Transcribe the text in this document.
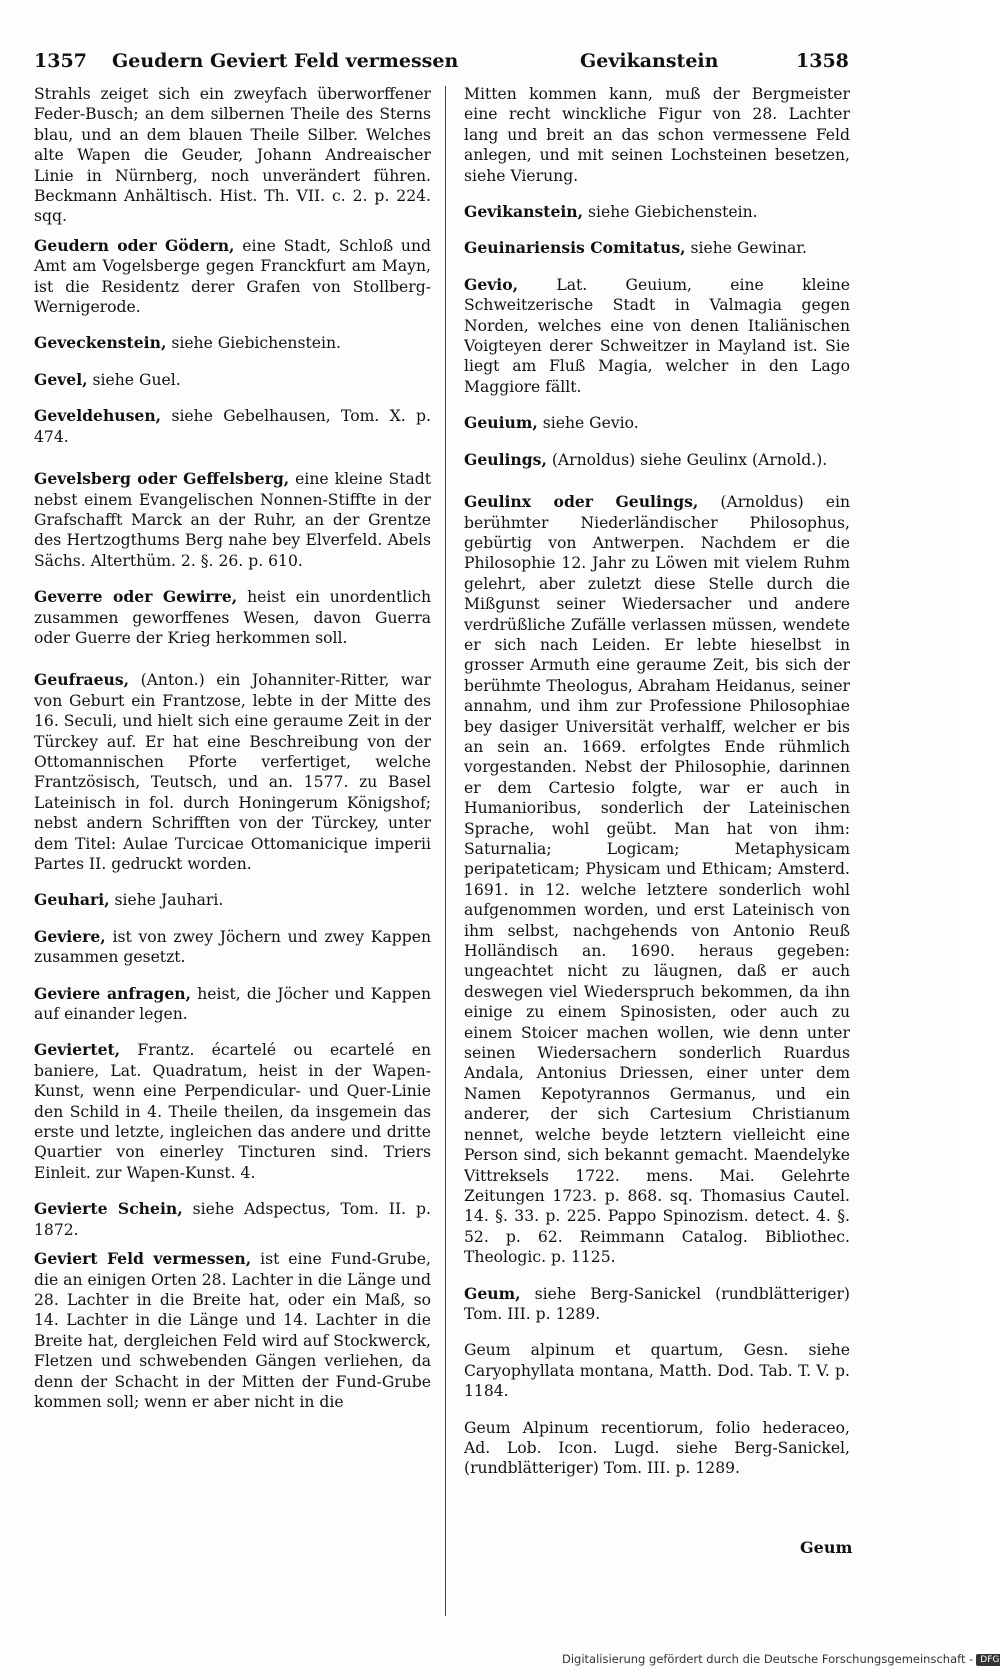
1357 Geudern Geviert Feld vermessen	Gevikanstein	1358

Strahls zeiget sich ein zweyfach überworffener Feder-Busch; an dem silbernen Theile des Sterns blau, und an dem blauen Theile Silber. Welches alte Wapen die Geuder, Johann Andreaischer Linie in Nürnberg, noch unverändert führen. Beckmann Anhältisch. Hist. Th. VII. c. 2. p. 224. sqq.

Geudern oder Gödern, eine Stadt, Schloß und Amt am Vogelsberge gegen Franckfurt am Mayn, ist die Residentz derer Grafen von Stollberg-Wernigerode.

Geveckenstein, siehe Giebichenstein.

Gevel, siehe Guel.

Geveldehusen, siehe Gebelhausen, Tom. X. p. 474.

Gevelsberg oder Geffelsberg, eine kleine Stadt nebst einem Evangelischen Nonnen-Stiffte in der Grafschafft Marck an der Ruhr, an der Grentze des Hertzogthums Berg nahe bey Elverfeld. Abels Sächs. Alterthüm. 2. §. 26. p. 610.

Geverre oder Gewirre, heist ein unordentlich zusammen geworffenes Wesen, davon Guerra oder Guerre der Krieg herkommen soll.

Geufraeus, (Anton.) ein Johanniter-Ritter, war von Geburt ein Frantzose, lebte in der Mitte des 16. Seculi, und hielt sich eine geraume Zeit in der Türckey auf. Er hat eine Beschreibung von der Ottomannischen Pforte verfertiget, welche Frantzösisch, Teutsch, und an. 1577. zu Basel Lateinisch in fol. durch Honingerum Königshof; nebst andern Schrifften von der Türckey, unter dem Titel: Aulae Turcicae Ottomanicique imperii Partes II. gedruckt worden.

Geuhari, siehe Jauhari.

Geviere, ist von zwey Jöchern und zwey Kappen zusammen gesetzt.

Geviere anfragen, heist, die Jöcher und Kappen auf einander legen.

Geviertet, Frantz. écartelé ou ecartelé en baniere, Lat. Quadratum, heist in der Wapen-Kunst, wenn eine Perpendicular- und Quer-Linie den Schild in 4. Theile theilen, da insgemein das erste und letzte, ingleichen das andere und dritte Quartier von einerley Tincturen sind. Triers Einleit. zur Wapen-Kunst. 4.

Gevierte Schein, siehe Adspectus, Tom. II. p. 1872.

Geviert Feld vermessen, ist eine Fund-Grube, die an einigen Orten 28. Lachter in die Länge und 28. Lachter in die Breite hat, oder ein Maß, so 14. Lachter in die Länge und 14. Lachter in die Breite hat, dergleichen Feld wird auf Stockwerck, Fletzen und schwebenden Gängen verliehen, da denn der Schacht in der Mitten der Fund-Grube kommen soll; wenn er aber nicht in die

Mitten kommen kann, muß der Bergmeister eine recht winckliche Figur von 28. Lachter lang und breit an das schon vermessene Feld anlegen, und mit seinen Lochsteinen besetzen, siehe Vierung.

Gevikanstein, siehe Giebichenstein.

Geuinariensis Comitatus, siehe Gewinar.

Gevio, Lat. Geuium, eine kleine Schweitzerische Stadt in Valmagia gegen Norden, welches eine von denen Italiänischen Voigteyen derer Schweitzer in Mayland ist. Sie liegt am Fluß Magia, welcher in den Lago Maggiore fällt.

Geuium, siehe Gevio.

Geulings, (Arnoldus) siehe Geulinx (Arnold.).

Geulinx oder Geulings, (Arnoldus) ein berühmter Niederländischer Philosophus, gebürtig von Antwerpen. Nachdem er die Philosophie 12. Jahr zu Löwen mit vielem Ruhm gelehrt, aber zuletzt diese Stelle durch die Mißgunst seiner Wiedersacher und andere verdrüßliche Zufälle verlassen müssen, wendete er sich nach Leiden. Er lebte hieselbst in grosser Armuth eine geraume Zeit, bis sich der berühmte Theologus, Abraham Heidanus, seiner annahm, und ihm zur Professione Philosophiae bey dasiger Universität verhalff, welcher er bis an sein an. 1669. erfolgtes Ende rühmlich vorgestanden. Nebst der Philosophie, darinnen er dem Cartesio folgte, war er auch in Humanioribus, sonderlich der Lateinischen Sprache, wohl geübt. Man hat von ihm: Saturnalia; Logicam; Metaphysicam peripateticam; Physicam und Ethicam; Amsterd. 1691. in 12. welche letztere sonderlich wohl aufgenommen worden, und erst Lateinisch von ihm selbst, nachgehends von Antonio Reuß Holländisch an. 1690. heraus gegeben: ungeachtet nicht zu läugnen, daß er auch deswegen viel Wiederspruch bekommen, da ihn einige zu einem Spinosisten, oder auch zu einem Stoicer machen wollen, wie denn unter seinen Wiedersachern sonderlich Ruardus Andala, Antonius Driessen, einer unter dem Namen Kepotyrannos Germanus, und ein anderer, der sich Cartesium Christianum nennet, welche beyde letztern vielleicht eine Person sind, sich bekannt gemacht. Maendelyke Vittreksels 1722. mens. Mai. Gelehrte Zeitungen 1723. p. 868. sq. Thomasius Cautel. 14. §. 33. p. 225. Pappo Spinozism. detect. 4. §. 52. p. 62. Reimmann Catalog. Bibliothec. Theologic. p. 1125.

Geum, siehe Berg-Sanickel (rundblätteriger) Tom. III. p. 1289.

Geum alpinum et quartum, Gesn. siehe Caryophyllata montana, Matth. Dod. Tab. T. V. p. 1184.

Geum Alpinum recentiorum, folio hederaceo, Ad. Lob. Icon. Lugd. siehe Berg-Sanickel, (rundblätteriger) Tom. III. p. 1289.

Geum
Digitalisierung gefördert durch die Deutsche Forschungsgemeinschaft - DFG
